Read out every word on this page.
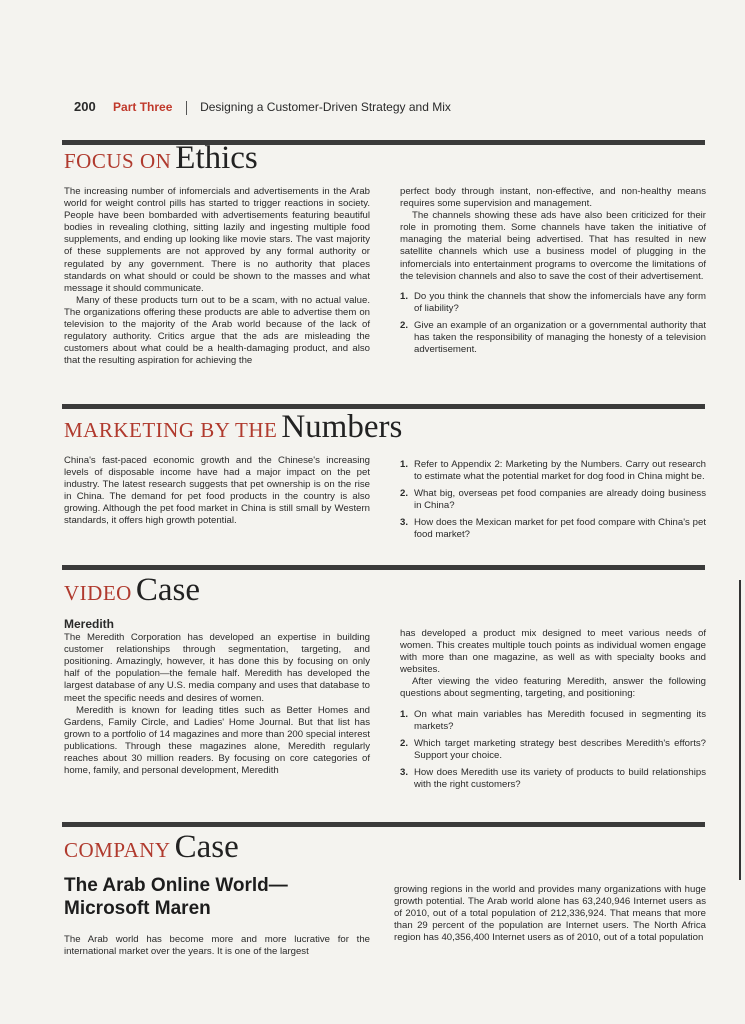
200 Part Three Designing a Customer-Driven Strategy and Mix
FOCUS ON Ethics

The increasing number of infomercials and advertisements in the Arab world for weight control pills has started to trigger reactions in society. People have been bombarded with advertisements featuring beautiful bodies in revealing clothing, sitting lazily and ingesting multiple food supplements, and ending up looking like movie stars. The vast majority of these supplements are not approved by any formal authority or regulated by any government. There is no authority that places standards on what should or could be shown to the masses and what message it should communicate.

Many of these products turn out to be a scam, with no actual value. The organizations offering these products are able to advertise them on television to the majority of the Arab world because of the lack of regulatory authority. Critics argue that the ads are misleading the customers about what could be a health-damaging product, and also that the resulting aspiration for achieving the

perfect body through instant, non-effective, and non-healthy means requires some supervision and management.

The channels showing these ads have also been criticized for their role in promoting them. Some channels have taken the initiative of managing the material being advertised. That has resulted in new satellite channels which use a business model of plugging in the infomercials into entertainment programs to overcome the limitations of the television channels and also to save the cost of their advertisement.

1. Do you think the channels that show the infomercials have any form of liability?
2. Give an example of an organization or a governmental authority that has taken the responsibility of managing the honesty of a television advertisement.
MARKETING BY THE Numbers

China's fast-paced economic growth and the Chinese's increasing levels of disposable income have had a major impact on the pet industry. The latest research suggests that pet ownership is on the rise in China. The demand for pet food products in the country is also growing. Although the pet food market in China is still small by Western standards, it offers high growth potential.

1. Refer to Appendix 2: Marketing by the Numbers. Carry out research to estimate what the potential market for dog food in China might be.
2. What big, overseas pet food companies are already doing business in China?
3. How does the Mexican market for pet food compare with China's pet food market?
VIDEO Case
Meredith

The Meredith Corporation has developed an expertise in building customer relationships through segmentation, targeting, and positioning. Amazingly, however, it has done this by focusing on only half of the population—the female half. Meredith has developed the largest database of any U.S. media company and uses that database to meet the specific needs and desires of women.

Meredith is known for leading titles such as Better Homes and Gardens, Family Circle, and Ladies' Home Journal. But that list has grown to a portfolio of 14 magazines and more than 200 special interest publications. Through these magazines alone, Meredith regularly reaches about 30 million readers. By focusing on core categories of home, family, and personal development, Meredith

has developed a product mix designed to meet various needs of women. This creates multiple touch points as individual women engage with more than one magazine, as well as with specialty books and websites.

After viewing the video featuring Meredith, answer the following questions about segmenting, targeting, and positioning:

1. On what main variables has Meredith focused in segmenting its markets?
2. Which target marketing strategy best describes Meredith's efforts? Support your choice.
3. How does Meredith use its variety of products to build relationships with the right customers?
COMPANY Case
The Arab Online World—
Microsoft Maren

The Arab world has become more and more lucrative for the international market over the years. It is one of the largest

growing regions in the world and provides many organizations with huge growth potential. The Arab world alone has 63,240,946 Internet users as of 2010, out of a total population of 212,336,924. That means that more than 29 percent of the population are Internet users. The North Africa region has 40,356,400 Internet users as of 2010, out of a total population
